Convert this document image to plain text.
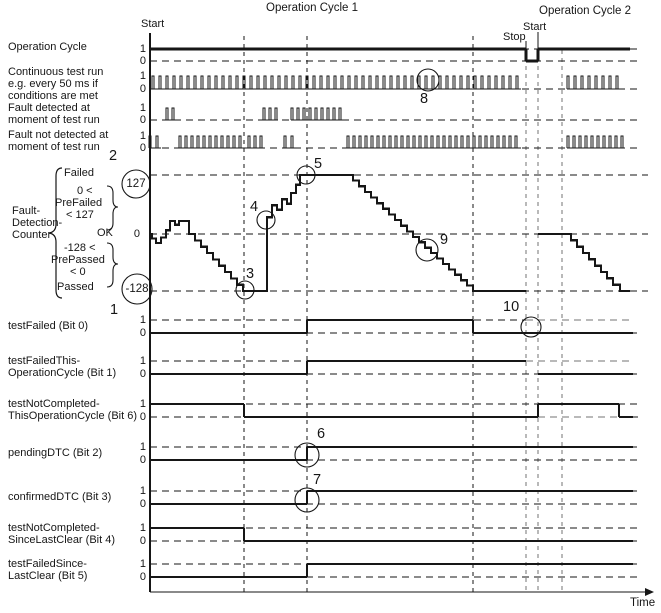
Operation Cycle 1	Operation Cycle 2
Start	Start
Stop
Time
Operation Cycle	1
0
Continuous test run
e.g. every 50 ms if
conditions are met
1
0
Fault detected at
moment of test run
1
0
Fault not detected at
moment of test run
1
0
testFailed (Bit 0)	1
0
testFailedThis-
OperationCycle (Bit 1)
1
0
testNotCompleted-
ThisOperationCycle (Bit 6)
1
0
pendingDTC (Bit 2)	1
0
confirmedDTC (Bit 3)	1
0
testNotCompleted-
SinceLastClear (Bit 4)
1
0
testFailedSince-
LastClear (Bit 5)
1
0
Fault-
Detection-
Counter
Failed
0 <
PreFailed
< 127
OK
-128 <
PrePassed
< 0
Passed
0
2
1
127
-128
3
4
5
6
7
8
9
10
